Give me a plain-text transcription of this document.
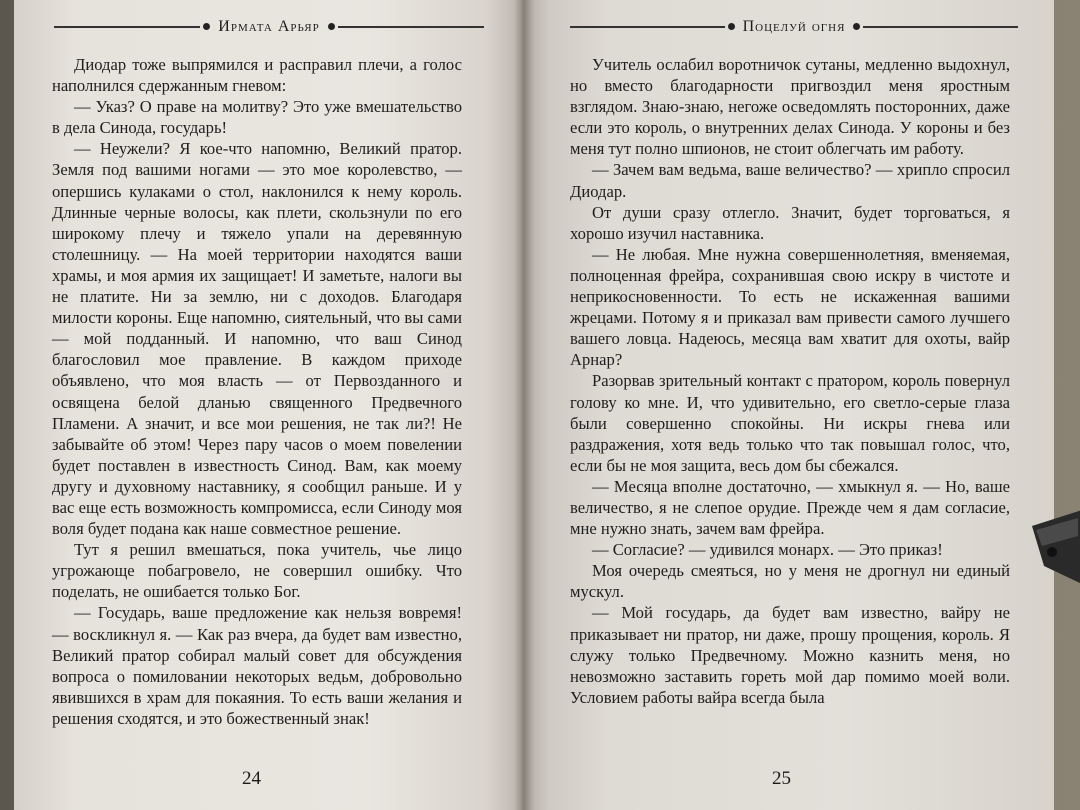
Ирмата Арьяр

Диодар тоже выпрямился и расправил плечи, а голос наполнился сдержанным гневом:

— Указ? О праве на молитву? Это уже вмешательство в дела Синода, государь!

— Неужели? Я кое-что напомню, Великий пратор. Земля под вашими ногами — это мое королевство, — опершись кулаками о стол, наклонился к нему король. Длинные черные волосы, как плети, скользнули по его широкому плечу и тяжело упали на деревянную столешницу. — На моей территории находятся ваши храмы, и моя армия их защищает! И заметьте, налоги вы не платите. Ни за землю, ни с доходов. Благодаря милости короны. Еще напомню, сиятельный, что вы сами — мой подданный. И напомню, что ваш Синод благословил мое правление. В каждом приходе объявлено, что моя власть — от Первозданного и освящена белой дланью священного Предвечного Пламени. А значит, и все мои решения, не так ли?! Не забывайте об этом! Через пару часов о моем повелении будет поставлен в известность Синод. Вам, как моему другу и духовному наставнику, я сообщил раньше. И у вас еще есть возможность компромисса, если Синоду моя воля будет подана как наше совместное решение.

Тут я решил вмешаться, пока учитель, чье лицо угрожающе побагровело, не совершил ошибку. Что поделать, не ошибается только Бог.

— Государь, ваше предложение как нельзя вовремя! — воскликнул я. — Как раз вчера, да будет вам известно, Великий пратор собирал малый совет для обсуждения вопроса о помиловании некоторых ведьм, добровольно явившихся в храм для покаяния. То есть ваши желания и решения сходятся, и это божественный знак!

24
Поцелуй огня

Учитель ослабил воротничок сутаны, медленно выдохнул, но вместо благодарности пригвоздил меня яростным взглядом. Знаю-знаю, негоже осведомлять посторонних, даже если это король, о внутренних делах Синода. У короны и без меня тут полно шпионов, не стоит облегчать им работу.

— Зачем вам ведьма, ваше величество? — хрипло спросил Диодар.

От души сразу отлегло. Значит, будет торговаться, я хорошо изучил наставника.

— Не любая. Мне нужна совершеннолетняя, вменяемая, полноценная фрейра, сохранившая свою искру в чистоте и неприкосновенности. То есть не искаженная вашими жрецами. Потому я и приказал вам привести самого лучшего вашего ловца. Надеюсь, месяца вам хватит для охоты, вайр Арнар?

Разорвав зрительный контакт с пратором, король повернул голову ко мне. И, что удивительно, его светло-серые глаза были совершенно спокойны. Ни искры гнева или раздражения, хотя ведь только что так повышал голос, что, если бы не моя защита, весь дом бы сбежался.

— Месяца вполне достаточно, — хмыкнул я. — Но, ваше величество, я не слепое орудие. Прежде чем я дам согласие, мне нужно знать, зачем вам фрейра.

— Согласие? — удивился монарх. — Это приказ!

Моя очередь смеяться, но у меня не дрогнул ни единый мускул.

— Мой государь, да будет вам известно, вайру не приказывает ни пратор, ни даже, прошу прощения, король. Я служу только Предвечному. Можно казнить меня, но невозможно заставить гореть мой дар помимо моей воли. Условием работы вайра всегда была

25
